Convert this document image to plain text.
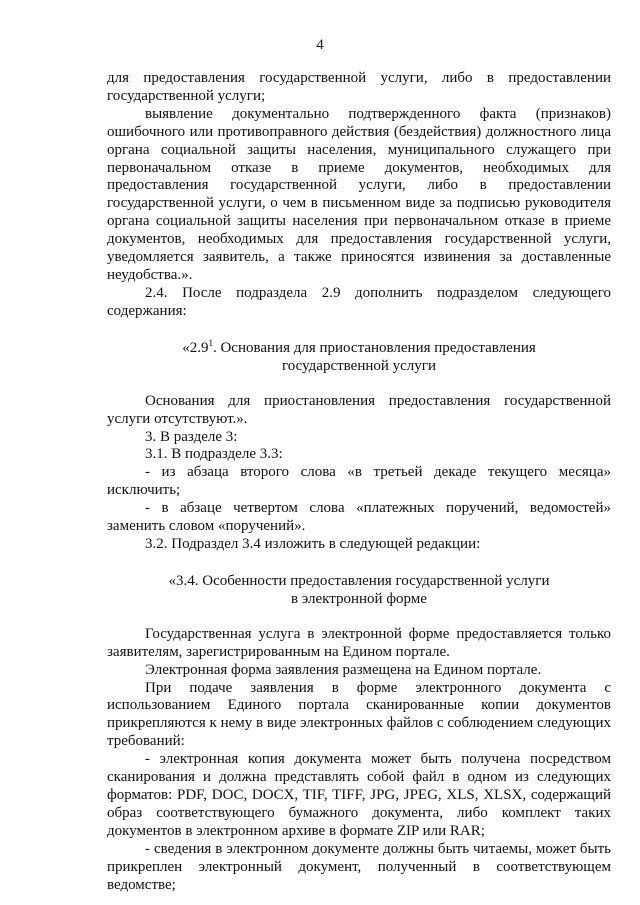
4

для предоставления государственной услуги, либо в предоставлении государственной услуги;

выявление документально подтвержденного факта (признаков) ошибочного или противоправного действия (бездействия) должностного лица органа социальной защиты населения, муниципального служащего при первоначальном отказе в приеме документов, необходимых для предоставления государственной услуги, либо в предоставлении государственной услуги, о чем в письменном виде за подписью руководителя органа социальной защиты населения при первоначальном отказе в приеме документов, необходимых для предоставления государственной услуги, уведомляется заявитель, а также приносятся извинения за доставленные неудобства.».

2.4. После подраздела 2.9 дополнить подразделом следующего содержания:

«$2.9^1$. Основания для приостановления предоставления

государственной услуги

Основания для приостановления предоставления государственной услуги отсутствуют.».

3. В разделе 3:

3.1. В подразделе 3.3:

- из абзаца второго слова «в третьей декаде текущего месяца» исключить;

- в абзаце четвертом слова «платежных поручений, ведомостей» заменить словом «поручений».

3.2. Подраздел 3.4 изложить в следующей редакции:

«3.4. Особенности предоставления государственной услуги

в электронной форме

Государственная услуга в электронной форме предоставляется только заявителям, зарегистрированным на Едином портале.

Электронная форма заявления размещена на Едином портале.

При подаче заявления в форме электронного документа с использованием Единого портала сканированные копии документов прикрепляются к нему в виде электронных файлов с соблюдением следующих требований:

- электронная копия документа может быть получена посредством сканирования и должна представлять собой файл в одном из следующих форматов: PDF, DOC, DOCX, TIF, TIFF, JPG, JPEG, XLS, XLSX, содержащий образ соответствующего бумажного документа, либо комплект таких документов в электронном архиве в формате ZIP или RAR;

- сведения в электронном документе должны быть читаемы, может быть прикреплен электронный документ, полученный в соответствующем ведомстве;
